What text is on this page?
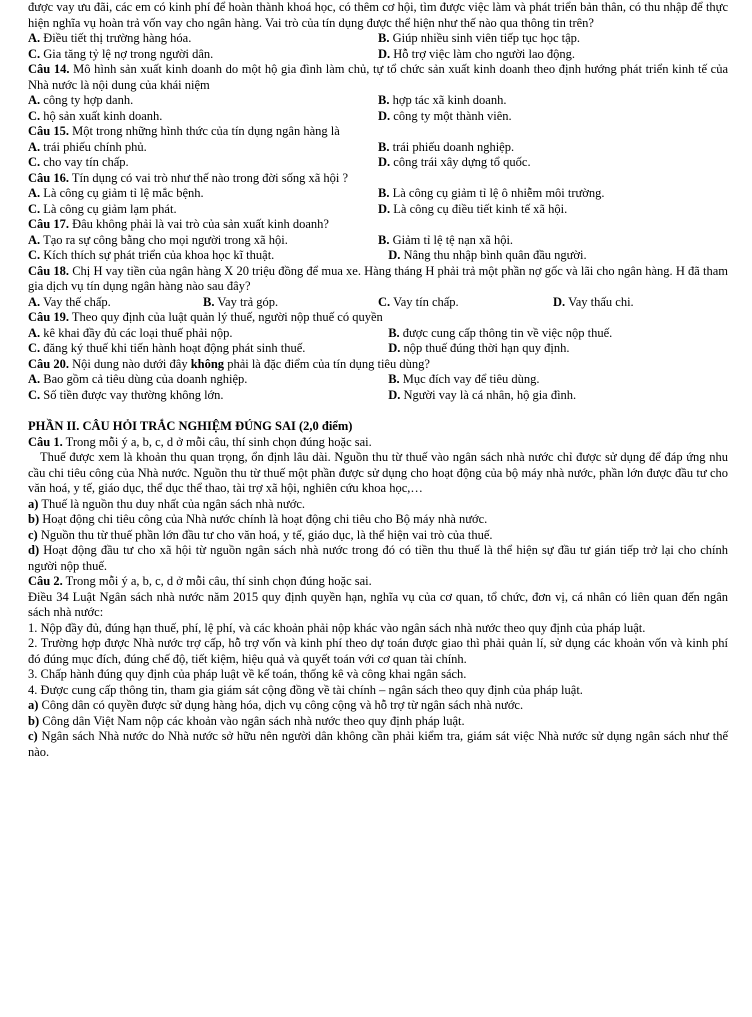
được vay ưu đãi, các em có kinh phí để hoàn thành khoá học, có thêm cơ hội, tìm được việc làm và phát triển bản thân, có thu nhập để thực hiện nghĩa vụ hoàn trả vốn vay cho ngân hàng. Vai trò của tín dụng được thể hiện như thế nào qua thông tin trên?

A. Điều tiết thị trường hàng hóa.	B. Giúp nhiều sinh viên tiếp tục học tập.
C. Gia tăng tỷ lệ nợ trong người dân.	D. Hỗ trợ việc làm cho người lao động.

Câu 14. Mô hình sản xuất kinh doanh do một hộ gia đình làm chủ, tự tổ chức sản xuất kinh doanh theo định hướng phát triển kinh tế của Nhà nước là nội dung của khái niệm

A. công ty hợp danh.	B. hợp tác xã kinh doanh.
C. hộ sản xuất kinh doanh.	D. công ty một thành viên.

Câu 15. Một trong những hình thức của tín dụng ngân hàng là

A. trái phiếu chính phủ.	B. trái phiếu doanh nghiệp.
C. cho vay tín chấp.	D. công trái xây dựng tổ quốc.

Câu 16. Tín dụng có vai trò như thế nào trong đời sống xã hội ?

A. Là công cụ giảm tỉ lệ mắc bệnh.	B. Là công cụ giảm tỉ lệ ô nhiễm môi trường.
C. Là công cụ giảm lạm phát.	D. Là công cụ điều tiết kinh tế xã hội.

Câu 17. Đâu không phải là vai trò của sản xuất kinh doanh?

A. Tạo ra sự công bằng cho mọi người trong xã hội.	B. Giảm tỉ lệ tệ nạn xã hội.
C. Kích thích sự phát triển của khoa học kĩ thuật.	D. Nâng thu nhập bình quân đầu người.

Câu 18. Chị H vay tiền của ngân hàng X 20 triệu đồng để mua xe. Hàng tháng H phải trả một phần nợ gốc và lãi cho ngân hàng. H đã tham gia dịch vụ tín dụng ngân hàng nào sau đây?

A. Vay thế chấp.	B. Vay trả góp.	C. Vay tín chấp.	D. Vay thấu chi.

Câu 19. Theo quy định của luật quản lý thuế, người nộp thuế có quyền

A. kê khai đầy đủ các loại thuế phải nộp.	B. được cung cấp thông tin về việc nộp thuế.
C. đăng ký thuế khi tiến hành hoạt động phát sinh thuế.	D. nộp thuế đúng thời hạn quy định.

Câu 20. Nội dung nào dưới đây không phải là đặc điểm của tín dụng tiêu dùng?

A. Bao gồm cả tiêu dùng của doanh nghiệp.	B. Mục đích vay để tiêu dùng.
C. Số tiền được vay thường không lớn.	D. Người vay là cá nhân, hộ gia đình.

PHẦN II. CÂU HỎI TRẮC NGHIỆM ĐÚNG SAI (2,0 điểm)

Câu 1. Trong mỗi ý a, b, c, d ở mỗi câu, thí sinh chọn đúng hoặc sai.

Thuế được xem là khoản thu quan trọng, ổn định lâu dài. Nguồn thu từ thuế vào ngân sách nhà nước chỉ được sử dụng để đáp ứng nhu cầu chi tiêu công của Nhà nước. Nguồn thu từ thuế một phần được sử dụng cho hoạt động của bộ máy nhà nước, phần lớn được đầu tư cho văn hoá, y tế, giáo dục, thể dục thể thao, tài trợ xã hội, nghiên cứu khoa học,…

a) Thuế là nguồn thu duy nhất của ngân sách nhà nước.

b) Hoạt động chi tiêu công của Nhà nước chính là hoạt động chi tiêu cho Bộ máy nhà nước.

c) Nguồn thu từ thuế phần lớn đầu tư cho văn hoá, y tế, giáo dục, là thể hiện vai trò của thuế.

d) Hoạt động đầu tư cho xã hội từ nguồn ngân sách nhà nước trong đó có tiền thu thuế là thể hiện sự đầu tư gián tiếp trở lại cho chính người nộp thuế.

Câu 2. Trong mỗi ý a, b, c, d ở mỗi câu, thí sinh chọn đúng hoặc sai.

Điều 34 Luật Ngân sách nhà nước năm 2015 quy định quyền hạn, nghĩa vụ của cơ quan, tổ chức, đơn vị, cá nhân có liên quan đến ngân sách nhà nước:

1. Nộp đầy đủ, đúng hạn thuế, phí, lệ phí, và các khoản phải nộp khác vào ngân sách nhà nước theo quy định của pháp luật.

2. Trường hợp được Nhà nước trợ cấp, hỗ trợ vốn và kinh phí theo dự toán được giao thì phải quản lí, sử dụng các khoản vốn và kinh phí đó đúng mục đích, đúng chế độ, tiết kiệm, hiệu quả và quyết toán với cơ quan tài chính.

3. Chấp hành đúng quy định của pháp luật về kế toán, thống kê và công khai ngân sách.

4. Được cung cấp thông tin, tham gia giám sát cộng đồng về tài chính – ngân sách theo quy định của pháp luật.

a) Công dân có quyền được sử dụng hàng hóa, dịch vụ công cộng và hỗ trợ từ ngân sách nhà nước.

b) Công dân Việt Nam nộp các khoản vào ngân sách nhà nước theo quy định pháp luật.

c) Ngân sách Nhà nước do Nhà nước sở hữu nên người dân không cần phải kiểm tra, giám sát việc Nhà nước sử dụng ngân sách như thế nào.
